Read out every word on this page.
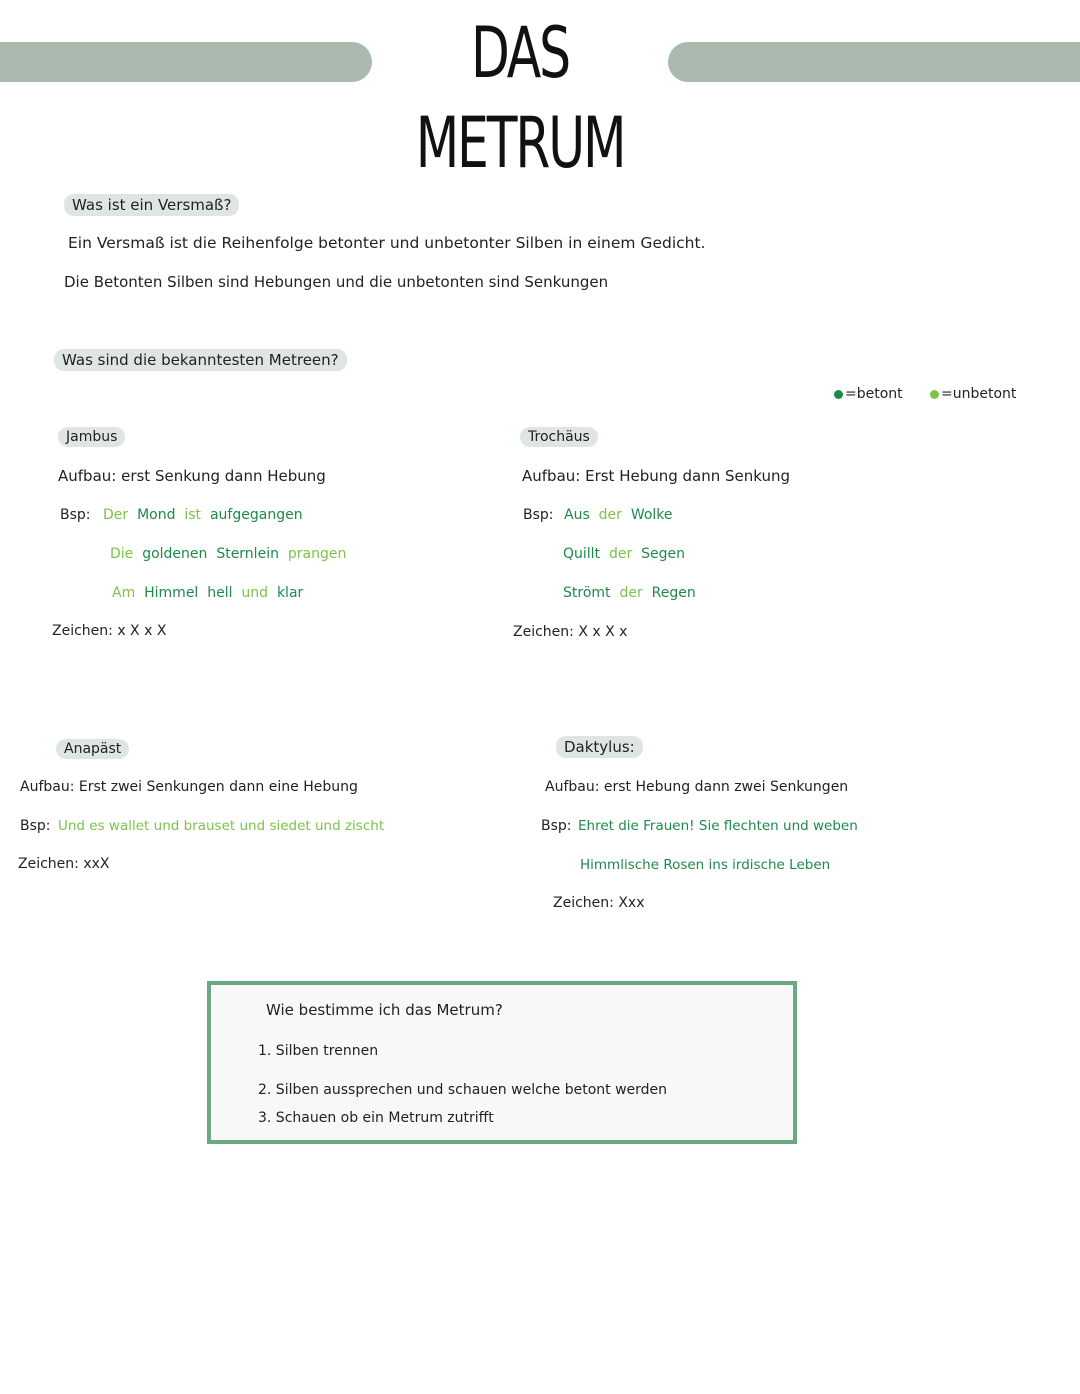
DAS METRUM
Was ist ein Versmaß?
Ein Versmaß ist die Reihenfolge betonter und unbetonter Silben in einem Gedicht.
Die Betonten Silben sind Hebungen und die unbetonten sind Senkungen
Was sind die bekanntesten Metreen?
=betont	=unbetont
Jambus
Aufbau: erst Senkung dann Hebung
Bsp: Der Mond ist aufgegangen
Die goldenen Sternlein prangen
Am Himmel hell und klar
Zeichen: x X x X
Trochäus
Aufbau: Erst Hebung dann Senkung
Bsp: Aus der Wolke
Quillt der Segen
Strömt der Regen
Zeichen: X x X x
Anapäst
Aufbau: Erst zwei Senkungen dann eine Hebung
Bsp: Und es wallet und brauset und siedet und zischt
Zeichen: xxX
Daktylus:
Aufbau: erst Hebung dann zwei Senkungen
Bsp: Ehret die Frauen! Sie flechten und weben
Himmlische Rosen ins irdische Leben
Zeichen: Xxx
Wie bestimme ich das Metrum?
1. Silben trennen
2. Silben aussprechen und schauen welche betont werden
3. Schauen ob ein Metrum zutrifft
